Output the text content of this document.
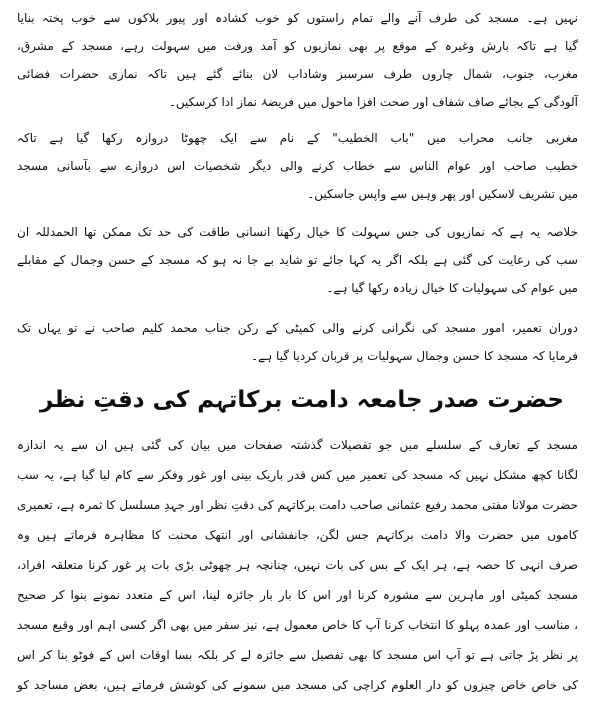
نہیں ہے۔ مسجد کی طرف آنے والے تمام راستوں کو خوب کشادہ اور پیور بلاکوں سے خوب پختہ بنایا
گیا ہے تاکہ بارش وغیرہ کے موقع پر بھی نمازیوں کو آمد ورفت میں سہولت رہے، مسجد کے مشرق،
مغرب، جنوب، شمال چاروں طرف سرسبز وشاداب لان بنائے گئے ہیں تاکہ نمازی حضرات فضائی
آلودگی کے بجائے صاف شفاف اور صحت افزا ماحول میں فریضۂ نماز ادا کرسکیں۔
مغربی جانب محراب میں "باب الخطیب" کے نام سے ایک چھوٹا دروازہ رکھا گیا ہے تاکہ
خطیب صاحب اور عوام الناس سے خطاب کرنے والی دیگر شخصیات اس دروازے سے بآسانی مسجد
میں تشریف لاسکیں اور پھر وہیں سے واپس جاسکیں۔
خلاصہ یہ ہے کہ نمازیوں کی جس سہولت کا خیال رکھنا انسانی طاقت کی حد تک ممکن تھا الحمدللہ ان
سب کی رعایت کی گئی ہے بلکہ اگر یہ کہا جائے تو شاید بے جا نہ ہو کہ مسجد کے حسن وجمال کے مقابلے
میں عوام کی سہولیات کا خیال زیادہ رکھا گیا ہے۔
دوران تعمیر، امور مسجد کی نگرانی کرنے والی کمیٹی کے رکن جناب محمد کلیم صاحب نے تو یہاں تک
فرمایا کہ مسجد کا حسن وجمال سہولیات پر قربان کردیا گیا ہے۔
حضرت صدر جامعہ دامت برکاتہم کی دقتِ نظر
مسجد کے تعارف کے سلسلے میں جو تفصیلات گذشتہ صفحات میں بیان کی گئی ہیں ان سے یہ اندازہ
لگانا کچھ مشکل نہیں کہ مسجد کی تعمیر میں کس قدر باریک بینی اور غور وفکر سے کام لیا گیا ہے، یہ سب
حضرت مولانا مفتی محمد رفیع عثمانی صاحب دامت برکاتہم کی دقتِ نظر اور جہدِ مسلسل کا ثمرہ ہے، تعمیری
کاموں میں حضرت والا دامت برکاتہم جس لگن، جانفشانی اور انتھک محنت کا مظاہرہ فرماتے ہیں وہ
صرف انہی کا حصہ ہے، ہر ایک کے بس کی بات نہیں، چنانچہ ہر چھوٹی بڑی بات پر غور کرنا متعلقہ افراد،
مسجد کمیٹی اور ماہرین سے مشورہ کرنا اور اس کا بار بار جائزہ لینا، اس کے متعدد نمونے بنوا کر صحیح
، مناسب اور عمدہ پہلو کا انتخاب کرنا آپ کا خاص معمول ہے، نیز سفر میں بھی اگر کسی اہم اور وقیع مسجد
پر نظر پڑ جاتی ہے تو آپ اس مسجد کا بھی تفصیل سے جائزہ لے کر بلکہ بسا اوقات اس کے فوٹو بنا کر اس
کی خاص خاص چیزوں کو دار العلوم کراچی کی مسجد میں سمونے کی کوشش فرماتے ہیں، بعض مساجد کو
